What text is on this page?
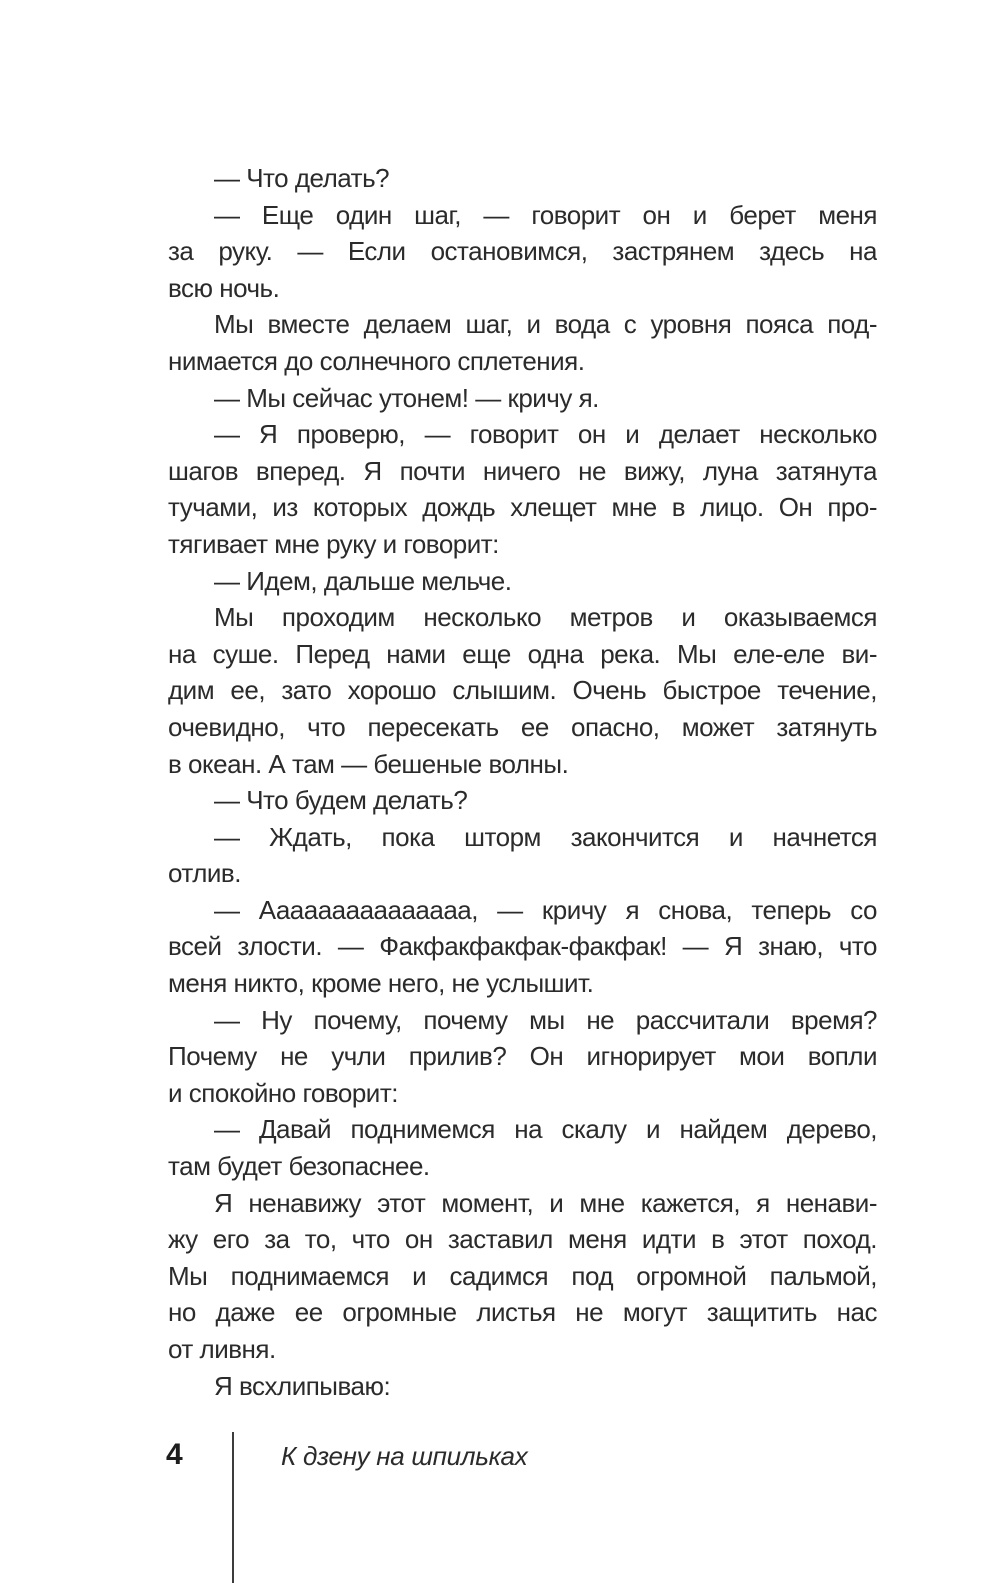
— Что делать?
— Еще один шаг, — говорит он и берет меня
за руку. — Если остановимся, застрянем здесь на
всю ночь.
Мы вместе делаем шаг, и вода с уровня пояса под-
нимается до солнечного сплетения.
— Мы сейчас утонем! — кричу я.
— Я проверю, — говорит он и делает несколько
шагов вперед. Я почти ничего не вижу, луна затянута
тучами, из которых дождь хлещет мне в лицо. Он про-
тягивает мне руку и говорит:
— Идем, дальше мельче.
Мы проходим несколько метров и оказываемся
на суше. Перед нами еще одна река. Мы еле-еле ви-
дим ее, зато хорошо слышим. Очень быстрое течение,
очевидно, что пересекать ее опасно, может затянуть
в океан. А там — бешеные волны.
— Что будем делать?
— Ждать, пока шторм закончится и начнется
отлив.
— Ааааааааааааааа, — кричу я снова, теперь со
всей злости. — Факфакфакфак-факфак! — Я знаю, что
меня никто, кроме него, не услышит.
— Ну почему, почему мы не рассчитали время?
Почему не учли прилив? Он игнорирует мои вопли
и спокойно говорит:
— Давай поднимемся на скалу и найдем дерево,
там будет безопаснее.
Я ненавижу этот момент, и мне кажется, я ненави-
жу его за то, что он заставил меня идти в этот поход.
Мы поднимаемся и садимся под огромной пальмой,
но даже ее огромные листья не могут защитить нас
от ливня.
Я всхлипываю:
4	К дзену на шпильках
